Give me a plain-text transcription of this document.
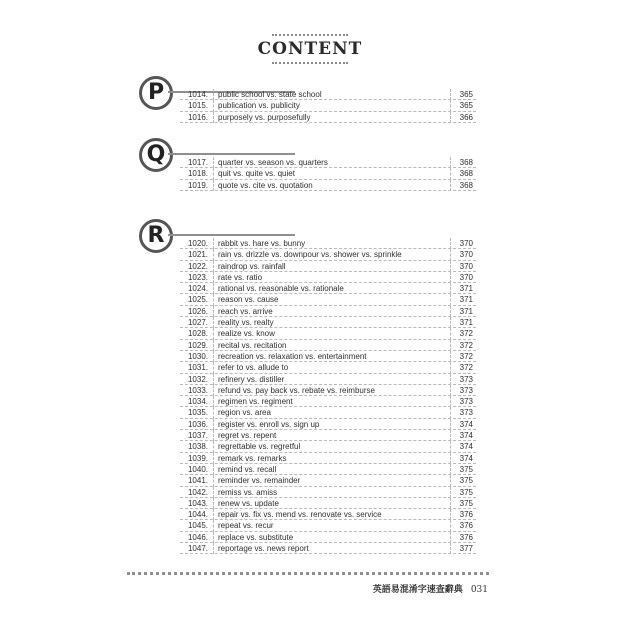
CONTENT
P	1014. public school vs. state school	365
1015. publication vs. publicity	365
1016. purposely vs. purposefully	366
Q	1017. quarter vs. season vs. quarters	368
1018. quit vs. quite vs. quiet	368
1019. quote vs. cite vs. quotation	368
R	1020. rabbit vs. hare vs. bunny	370
1021. rain vs. drizzle vs. downpour vs. shower vs. sprinkle	370
1022. raindrop vs. rainfall	370
1023. rate vs. ratio	370
1024. rational vs. reasonable vs. rationale	371
1025. reason vs. cause	371
1026. reach vs. arrive	371
1027. reality vs. realty	371
1028. realize vs. know	372
1029. recital vs. recitation	372
1030. recreation vs. relaxation vs. entertainment	372
1031. refer to vs. allude to	372
1032. refinery vs. distiller	373
1033. refund vs. pay back vs. rebate vs. reimburse	373
1034. regimen vs. regiment	373
1035. region vs. area	373
1036. register vs. enroll vs. sign up	374
1037. regret vs. repent	374
1038. regrettable vs. regretful	374
1039. remark vs. remarks	374
1040. remind vs. recall	375
1041. reminder vs. remainder	375
1042. remiss vs. amiss	375
1043. renew vs. update	375
1044. repair vs. fix vs. mend vs. renovate vs. service	376
1045. repeat vs. recur	376
1046. replace vs. substitute	376
1047. reportage vs. news report	377
英語易混淆字速查辭典 031
